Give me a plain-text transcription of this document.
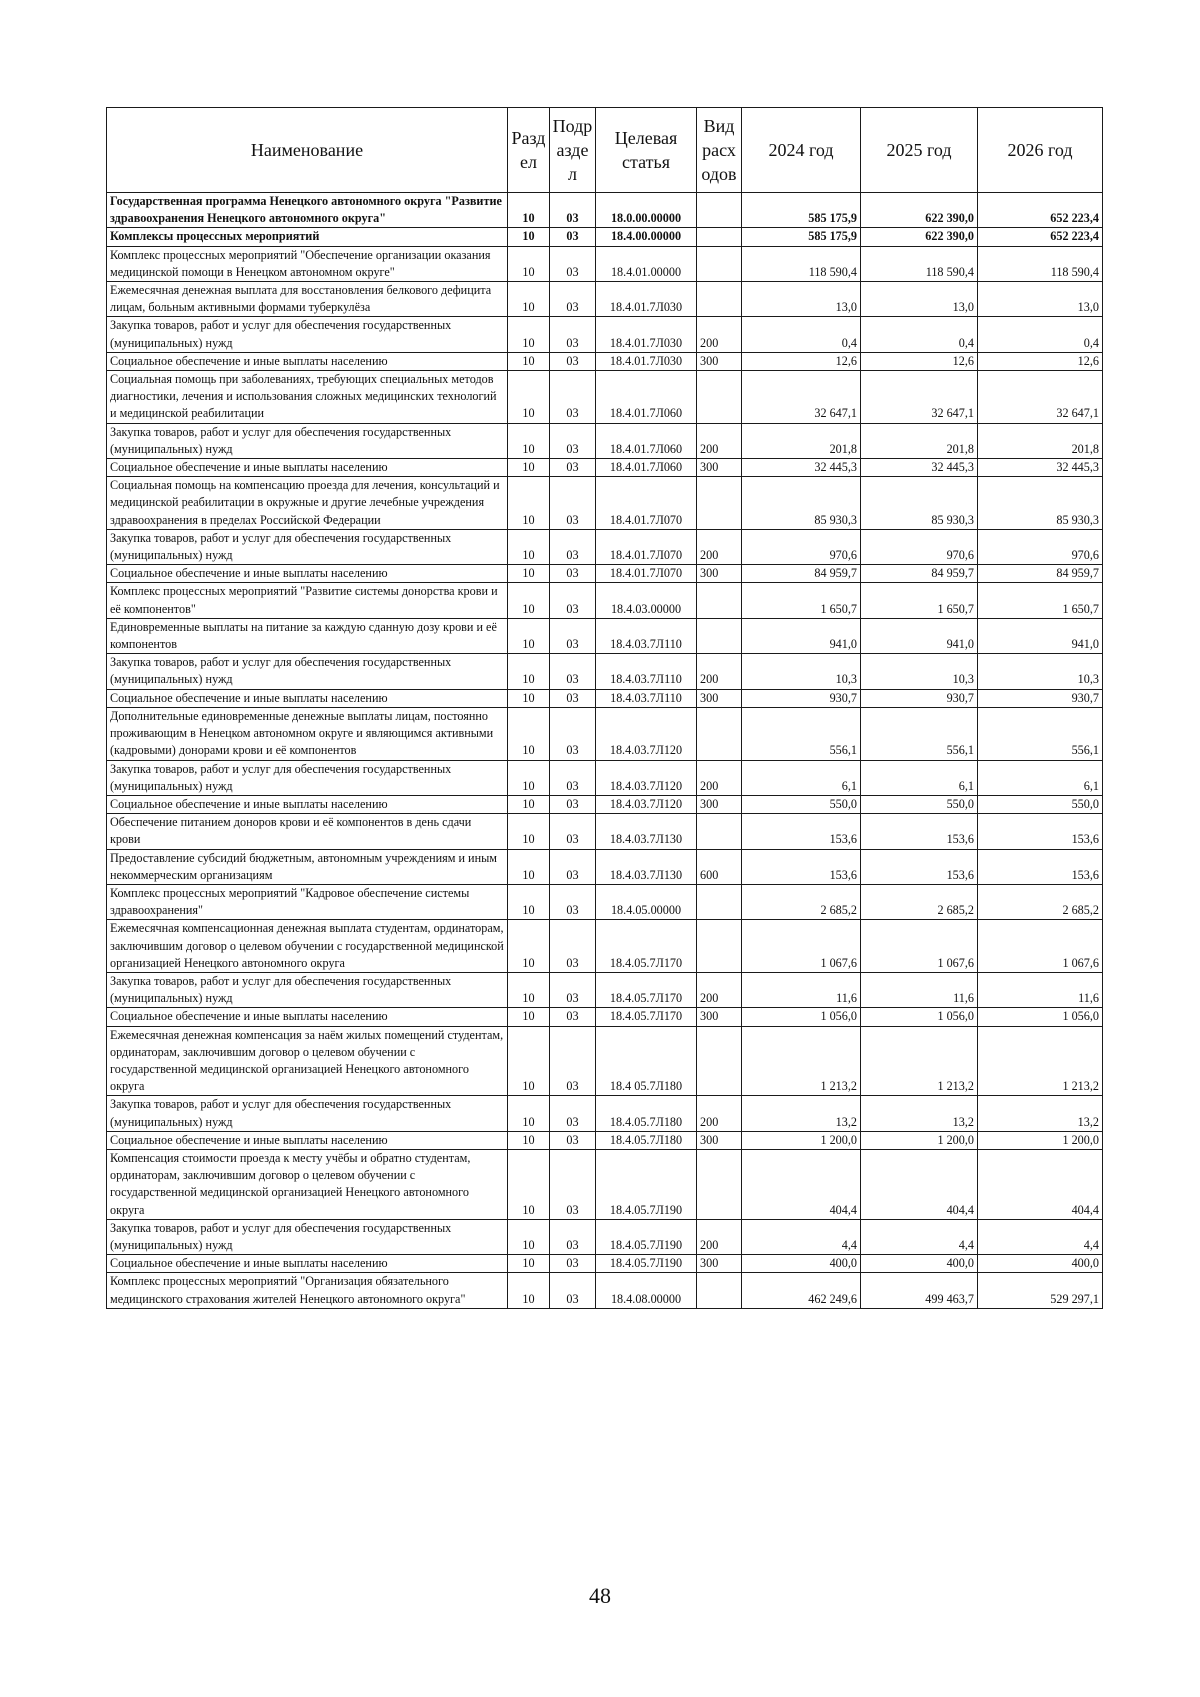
Наименование	Разд ел	Подр азде л	Целевая статья	Вид расх одов	2024 год	2025 год	2026 год
Государственная программа Ненецкого автономного округа "Развитие здравоохранения Ненецкого автономного округа"	10	03	18.0.00.00000		585 175,9	622 390,0	652 223,4
Комплексы процессных мероприятий	10	03	18.4.00.00000		585 175,9	622 390,0	652 223,4
Комплекс процессных мероприятий "Обеспечение организации оказания медицинской помощи в Ненецком автономном округе"	10	03	18.4.01.00000		118 590,4	118 590,4	118 590,4
Ежемесячная денежная выплата для восстановления белкового дефицита лицам, больным активными формами туберкулёза	10	03	18.4.01.7Л030		13,0	13,0	13,0
Закупка товаров, работ и услуг для обеспечения государственных (муниципальных) нужд	10	03	18.4.01.7Л030	200	0,4	0,4	0,4
Социальное обеспечение и иные выплаты населению	10	03	18.4.01.7Л030	300	12,6	12,6	12,6
Социальная помощь при заболеваниях, требующих специальных методов диагностики, лечения и использования сложных медицинских технологий и медицинской реабилитации	10	03	18.4.01.7Л060		32 647,1	32 647,1	32 647,1
Закупка товаров, работ и услуг для обеспечения государственных (муниципальных) нужд	10	03	18.4.01.7Л060	200	201,8	201,8	201,8
Социальное обеспечение и иные выплаты населению	10	03	18.4.01.7Л060	300	32 445,3	32 445,3	32 445,3
Социальная помощь на компенсацию проезда для лечения, консультаций и медицинской реабилитации в окружные и другие лечебные учреждения здравоохранения в пределах Российской Федерации	10	03	18.4.01.7Л070		85 930,3	85 930,3	85 930,3
Закупка товаров, работ и услуг для обеспечения государственных (муниципальных) нужд	10	03	18.4.01.7Л070	200	970,6	970,6	970,6
Социальное обеспечение и иные выплаты населению	10	03	18.4.01.7Л070	300	84 959,7	84 959,7	84 959,7
Комплекс процессных мероприятий "Развитие системы донорства крови и её компонентов"	10	03	18.4.03.00000		1 650,7	1 650,7	1 650,7
Единовременные выплаты на питание за каждую сданную дозу крови и её компонентов	10	03	18.4.03.7Л110		941,0	941,0	941,0
Закупка товаров, работ и услуг для обеспечения государственных (муниципальных) нужд	10	03	18.4.03.7Л110	200	10,3	10,3	10,3
Социальное обеспечение и иные выплаты населению	10	03	18.4.03.7Л110	300	930,7	930,7	930,7
Дополнительные единовременные денежные выплаты лицам, постоянно проживающим в Ненецком автономном округе и являющимся активными (кадровыми) донорами крови и её компонентов	10	03	18.4.03.7Л120		556,1	556,1	556,1
Закупка товаров, работ и услуг для обеспечения государственных (муниципальных) нужд	10	03	18.4.03.7Л120	200	6,1	6,1	6,1
Социальное обеспечение и иные выплаты населению	10	03	18.4.03.7Л120	300	550,0	550,0	550,0
Обеспечение питанием доноров крови и её компонентов в день сдачи крови	10	03	18.4.03.7Л130		153,6	153,6	153,6
Предоставление субсидий бюджетным, автономным учреждениям и иным некоммерческим организациям	10	03	18.4.03.7Л130	600	153,6	153,6	153,6
Комплекс процессных мероприятий "Кадровое обеспечение системы здравоохранения"	10	03	18.4.05.00000		2 685,2	2 685,2	2 685,2
Ежемесячная компенсационная денежная выплата студентам, ординаторам, заключившим договор о целевом обучении с государственной медицинской организацией Ненецкого автономного округа	10	03	18.4.05.7Л170		1 067,6	1 067,6	1 067,6
Закупка товаров, работ и услуг для обеспечения государственных (муниципальных) нужд	10	03	18.4.05.7Л170	200	11,6	11,6	11,6
Социальное обеспечение и иные выплаты населению	10	03	18.4.05.7Л170	300	1 056,0	1 056,0	1 056,0
Ежемесячная денежная компенсация за наём жилых помещений студентам, ординаторам, заключившим договор о целевом обучении с государственной медицинской организацией Ненецкого автономного округа	10	03	18.4 05.7Л180		1 213,2	1 213,2	1 213,2
Закупка товаров, работ и услуг для обеспечения государственных (муниципальных) нужд	10	03	18.4.05.7Л180	200	13,2	13,2	13,2
Социальное обеспечение и иные выплаты населению	10	03	18.4.05.7Л180	300	1 200,0	1 200,0	1 200,0
Компенсация стоимости проезда к месту учёбы и обратно студентам, ординаторам, заключившим договор о целевом обучении с государственной медицинской организацией Ненецкого автономного округа	10	03	18.4.05.7Л190		404,4	404,4	404,4
Закупка товаров, работ и услуг для обеспечения государственных (муниципальных) нужд	10	03	18.4.05.7Л190	200	4,4	4,4	4,4
Социальное обеспечение и иные выплаты населению	10	03	18.4.05.7Л190	300	400,0	400,0	400,0
Комплекс процессных мероприятий "Организация обязательного медицинского страхования жителей Ненецкого автономного округа"	10	03	18.4.08.00000		462 249,6	499 463,7	529 297,1
48
